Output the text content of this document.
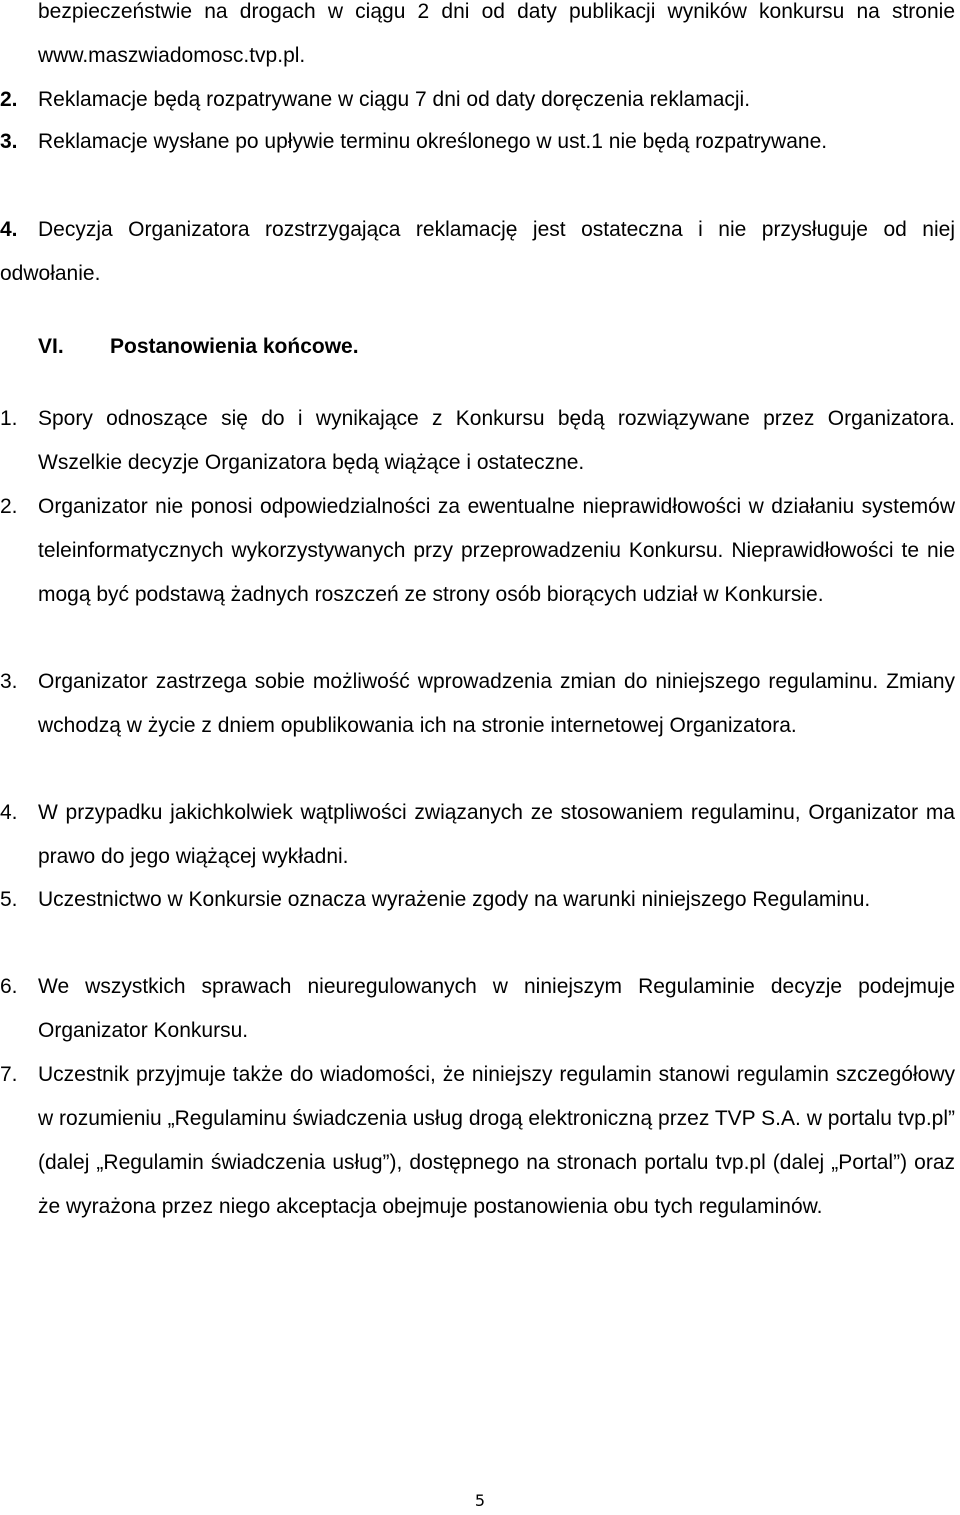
bezpieczeństwie na drogach w ciągu 2 dni od daty publikacji wyników konkursu na stronie www.maszwiadomosc.tvp.pl.
2. Reklamacje będą rozpatrywane w ciągu 7 dni od daty doręczenia reklamacji.
3. Reklamacje wysłane po upływie terminu określonego w ust.1 nie będą rozpatrywane.
4. Decyzja Organizatora rozstrzygająca reklamację jest ostateczna i nie przysługuje od niej odwołanie.
VI. Postanowienia końcowe.
1. Spory odnoszące się do i wynikające z Konkursu będą rozwiązywane przez Organizatora. Wszelkie decyzje Organizatora będą wiążące i ostateczne.
2. Organizator nie ponosi odpowiedzialności za ewentualne nieprawidłowości w działaniu systemów teleinformatycznych wykorzystywanych przy przeprowadzeniu Konkursu. Nieprawidłowości te nie mogą być podstawą żadnych roszczeń ze strony osób biorących udział w Konkursie.
3. Organizator zastrzega sobie możliwość wprowadzenia zmian do niniejszego regulaminu. Zmiany wchodzą w życie z dniem opublikowania ich na stronie internetowej Organizatora.
4. W przypadku jakichkolwiek wątpliwości związanych ze stosowaniem regulaminu, Organizator ma prawo do jego wiążącej wykładni.
5. Uczestnictwo w Konkursie oznacza wyrażenie zgody na warunki niniejszego Regulaminu.
6. We wszystkich sprawach nieuregulowanych w niniejszym Regulaminie decyzje podejmuje Organizator Konkursu.
7. Uczestnik przyjmuje także do wiadomości, że niniejszy regulamin stanowi regulamin szczegółowy w rozumieniu „Regulaminu świadczenia usług drogą elektroniczną przez TVP S.A. w portalu tvp.pl” (dalej „Regulamin świadczenia usług”), dostępnego na stronach portalu tvp.pl (dalej „Portal”) oraz że wyrażona przez niego akceptacja obejmuje postanowienia obu tych regulaminów.
5
